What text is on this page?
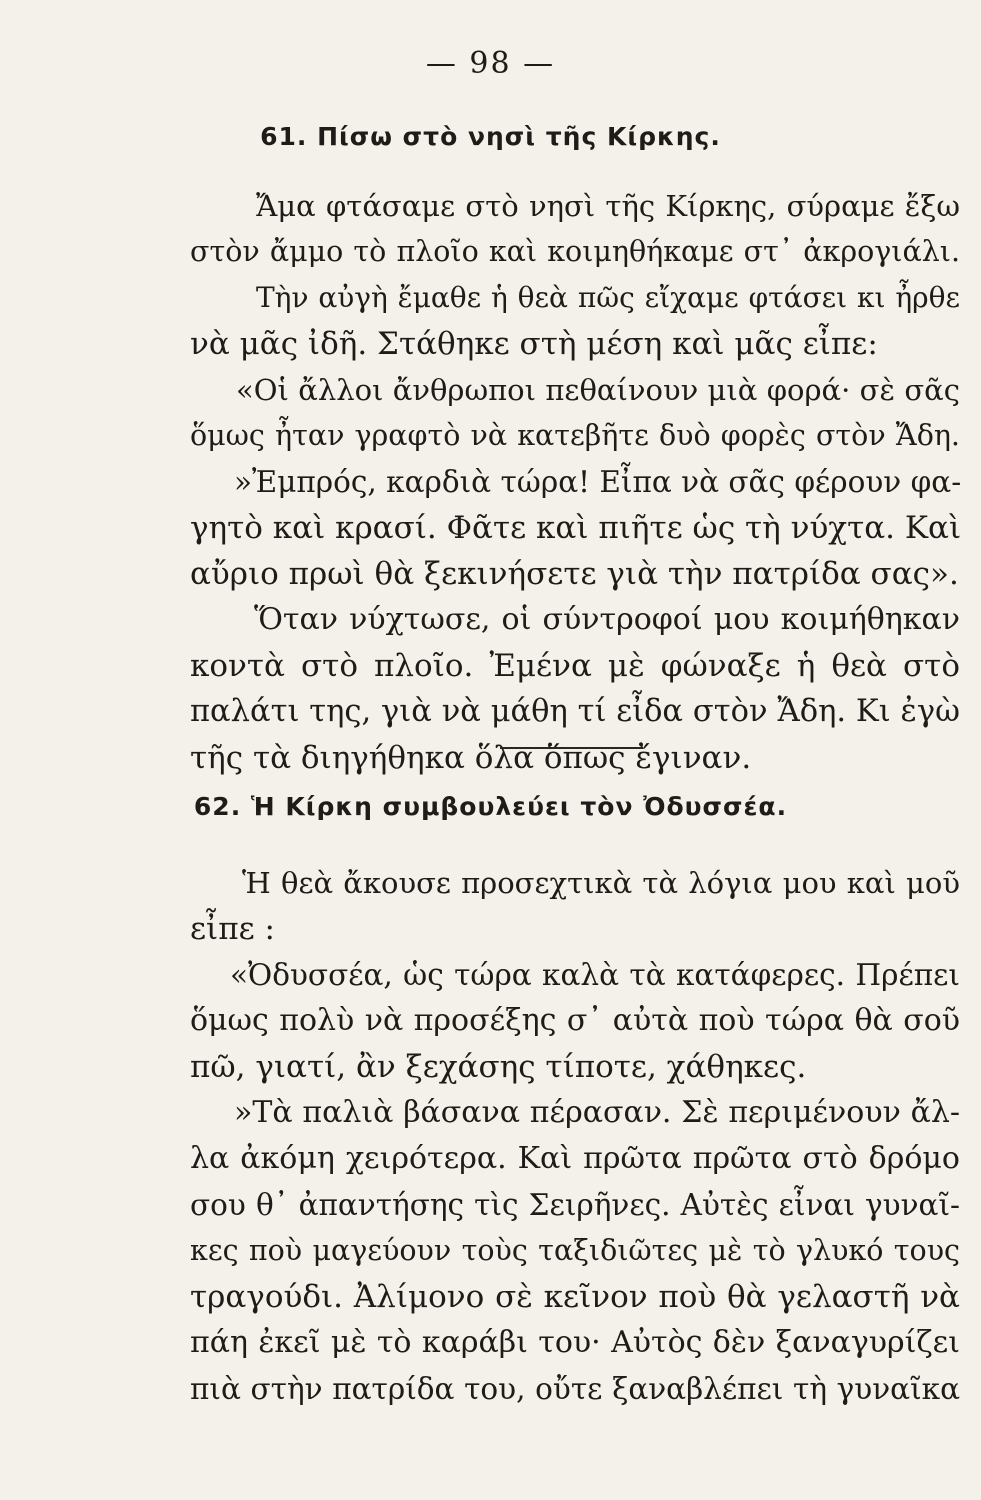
— 98 —
61. Πίσω στὸ νησὶ τῆς Κίρκης.
Ἄμα φτάσαμε στὸ νησὶ τῆς Κίρκης, σύραμε ἔξω
στὸν ἄμμο τὸ πλοῖο καὶ κοιμηθήκαμε στ᾽ ἀκρογιάλι.
Τὴν αὐγὴ ἔμαθε ἡ θεὰ πῶς εἴχαμε φτάσει κι ἦρθε
νὰ μᾶς ἰδῆ. Στάθηκε στὴ μέση καὶ μᾶς εἶπε:
«Οἱ ἄλλοι ἄνθρωποι πεθαίνουν μιὰ φορά· σὲ σᾶς
ὅμως ἦταν γραφτὸ νὰ κατεβῆτε δυὸ φορὲς στὸν Ἄδη.
»Ἐμπρός, καρδιὰ τώρα! Εἶπα νὰ σᾶς φέρουν φα-
γητὸ καὶ κρασί. Φᾶτε καὶ πιῆτε ὡς τὴ νύχτα. Καὶ
αὔριο πρωὶ θὰ ξεκινήσετε γιὰ τὴν πατρίδα σας».
Ὅταν νύχτωσε, οἱ σύντροφοί μου κοιμήθηκαν
κοντὰ στὸ πλοῖο. Ἐμένα μὲ φώναξε ἡ θεὰ στὸ
παλάτι της, γιὰ νὰ μάθη τί εἶδα στὸν Ἄδη. Κι ἐγὼ
τῆς τὰ διηγήθηκα ὅλα ὅπως ἔγιναν.
62. Ἡ Κίρκη συμβουλεύει τὸν Ὀδυσσέα.
Ἡ θεὰ ἄκουσε προσεχτικὰ τὰ λόγια μου καὶ μοῦ
εἶπε :
«Ὀδυσσέα, ὡς τώρα καλὰ τὰ κατάφερες. Πρέπει
ὅμως πολὺ νὰ προσέξης σ᾽ αὐτὰ ποὺ τώρα θὰ σοῦ
πῶ, γιατί, ἂν ξεχάσης τίποτε, χάθηκες.
»Τὰ παλιὰ βάσανα πέρασαν. Σὲ περιμένουν ἄλ-
λα ἀκόμη χειρότερα. Καὶ πρῶτα πρῶτα στὸ δρόμο
σου θ᾽ ἀπαντήσης τὶς Σειρῆνες. Αὐτὲς εἶναι γυναῖ-
κες ποὺ μαγεύουν τοὺς ταξιδιῶτες μὲ τὸ γλυκό τους
τραγούδι. Ἀλίμονο σὲ κεῖνον ποὺ θὰ γελαστῆ νὰ
πάη ἐκεῖ μὲ τὸ καράβι του· Αὐτὸς δὲν ξαναγυρίζει
πιὰ στὴν πατρίδα του, οὔτε ξαναβλέπει τὴ γυναῖκα
